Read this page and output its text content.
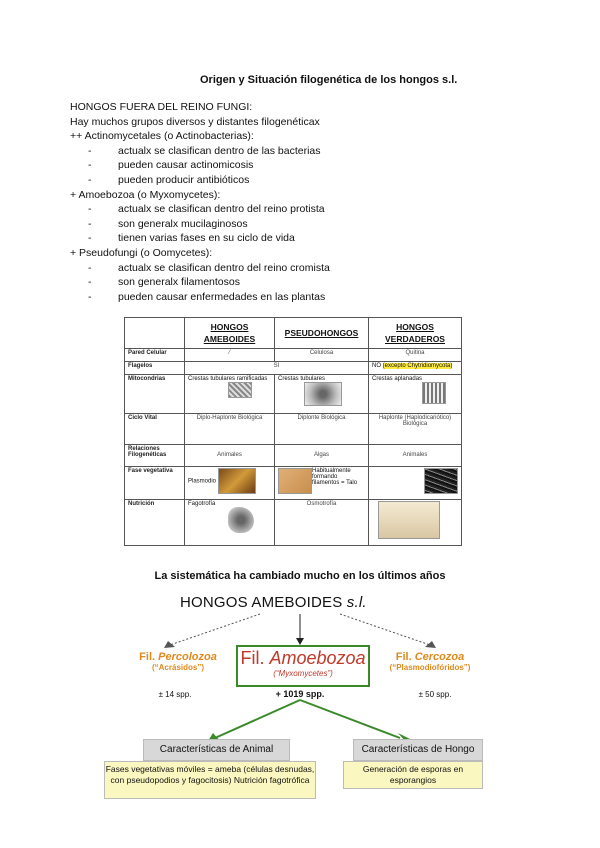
Origen y Situación filogenética de los hongos s.l.
HONGOS FUERA DEL REINO FUNGI:
Hay muchos grupos diversos y distantes filogenéticax
++ Actinomycetales (o Actinobacterias):
-	actualx se clasifican dentro de las bacterias
-	pueden causar actinomicosis
-	pueden producir antibióticos
+ Amoebozoa (o Myxomycetes):
-	actualx se clasifican dentro del reino protista
-	son generalx mucilaginosos
-	tienen varias fases en su ciclo de vida
+ Pseudofungi (o Oomycetes):
-	actualx se clasifican dentro del reino cromista
-	son generalx filamentosos
-	pueden causar enfermedades en las plantas
	HONGOS AMEBOIDES	PSEUDOHONGOS	HONGOS VERDADEROS
Pared Celular	⁄	Celulosa	Quitina
Flagelos	SI		NO (excepto Chytridiomycota)
Mitocondrias	Crestas tubulares ramificadas	Crestas tubulares	Crestas aplanadas

Ciclo Vital	Diplo-Haplonte Biológica	Diplonte Biológica	Haplonte (Haplodicariótico) Biológica
Relaciones Filogenéticas	Animales	Algas	Animales
Fase vegetativa	Plasmodio	Habitualmente formando filamentos = Talo	
Nutrición	Fagotrofía	Osmotrofía	
La sistemática ha cambiado mucho en los últimos años
HONGOS AMEBOIDES s.l.
Fil. Amoebozoa
(“Myxomycetes”)
+ 1019 spp.
Fil. Percolozoa
(“Acrásidos”)
± 14 spp.
Fil. Cercozoa
(“Plasmodiofóridos”)
± 50 spp.
Características de Animal
Fases vegetativas móviles = ameba (células desnudas, con pseudopodios y fagocitosis) Nutrición fagotrófica
Características de Hongo
Generación de esporas en esporangios
